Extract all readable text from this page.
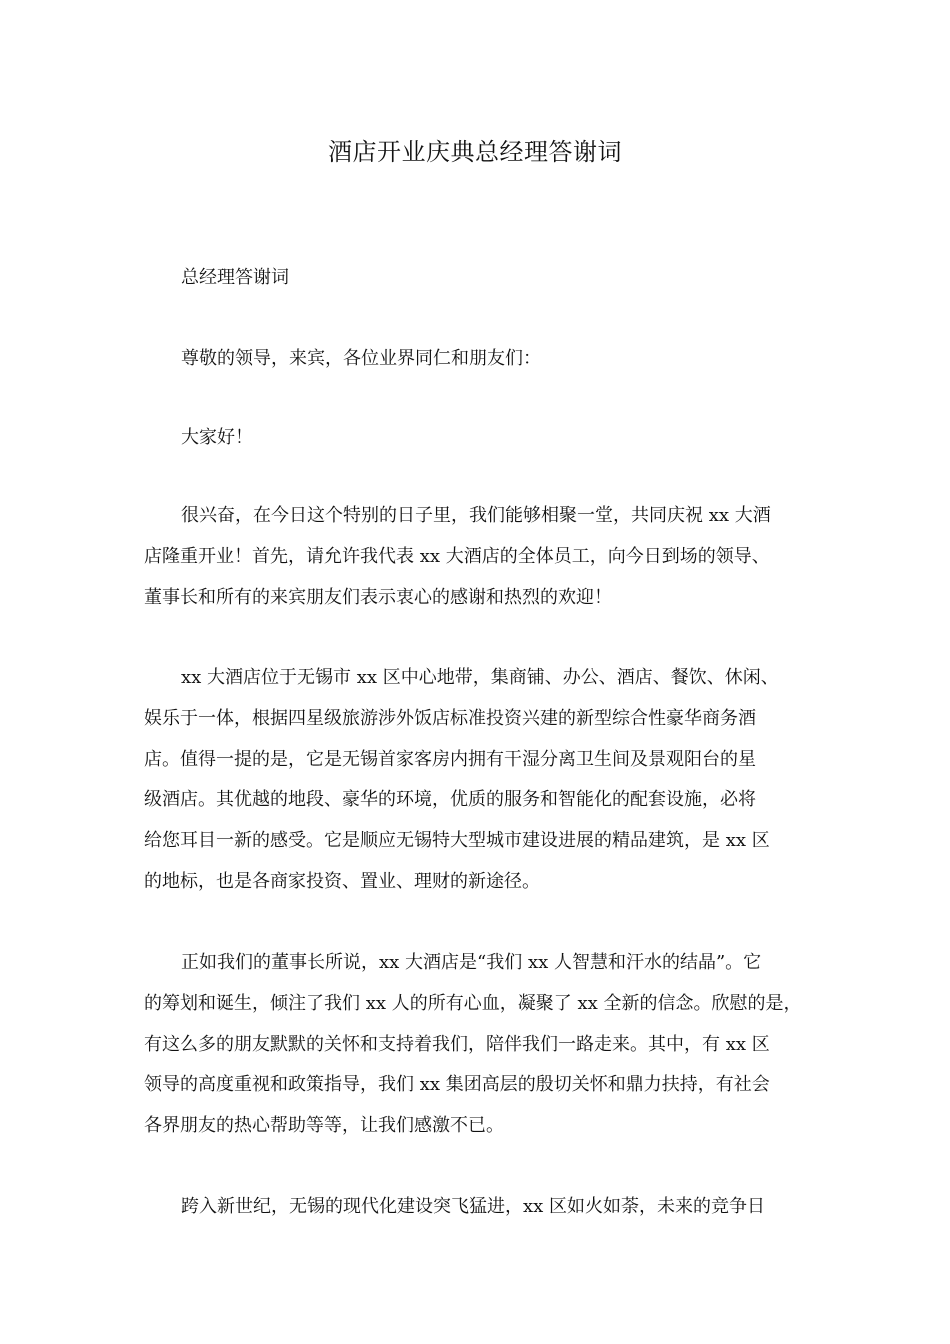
酒店开业庆典总经理答谢词
总经理答谢词
尊敬的领导，来宾，各位业界同仁和朋友们：
大家好！
很兴奋，在今日这个特别的日子里，我们能够相聚一堂，共同庆祝 xx 大酒
店隆重开业！首先，请允许我代表 xx 大酒店的全体员工，向今日到场的领导、
董事长和所有的来宾朋友们表示衷心的感谢和热烈的欢迎！
xx 大酒店位于无锡市 xx 区中心地带，集商铺、办公、酒店、餐饮、休闲、
娱乐于一体，根据四星级旅游涉外饭店标准投资兴建的新型综合性豪华商务酒
店。值得一提的是，它是无锡首家客房内拥有干湿分离卫生间及景观阳台的星
级酒店。其优越的地段、豪华的环境，优质的服务和智能化的配套设施，必将
给您耳目一新的感受。它是顺应无锡特大型城市建设进展的精品建筑，是 xx 区
的地标，也是各商家投资、置业、理财的新途径。
正如我们的董事长所说，xx 大酒店是“我们 xx 人智慧和汗水的结晶”。它
的筹划和诞生，倾注了我们 xx 人的所有心血，凝聚了 xx 全新的信念。欣慰的是，
有这么多的朋友默默的关怀和支持着我们，陪伴我们一路走来。其中，有 xx 区
领导的高度重视和政策指导，我们 xx 集团高层的殷切关怀和鼎力扶持，有社会
各界朋友的热心帮助等等，让我们感激不已。
跨入新世纪，无锡的现代化建设突飞猛进，xx 区如火如荼，未来的竞争日
